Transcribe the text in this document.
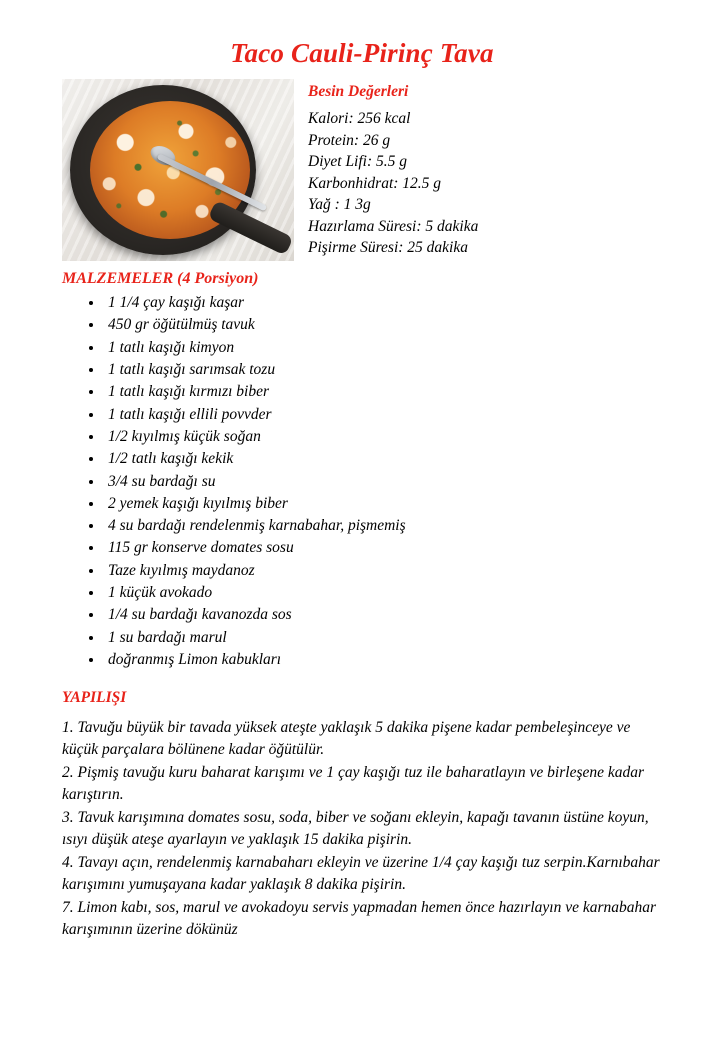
Taco Cauli-Pirinç Tava
Besin Değerleri
Kalori: 256 kcal
Protein: 26 g
Diyet Lifi: 5.5 g
Karbonhidrat: 12.5 g
Yağ : 1 3g
Hazırlama Süresi: 5 dakika
Pişirme Süresi: 25 dakika
MALZEMELER (4 Porsiyon)
• 1 1/4 çay kaşığı kaşar
• 450 gr öğütülmüş tavuk
• 1 tatlı kaşığı kimyon
• 1 tatlı kaşığı sarımsak tozu
• 1 tatlı kaşığı kırmızı biber
• 1 tatlı kaşığı ellili povvder
• 1/2 kıyılmış küçük soğan
• 1/2 tatlı kaşığı kekik
• 3/4 su bardağı su
• 2 yemek kaşığı kıyılmış biber
• 4 su bardağı rendelenmiş karnabahar, pişmemiş
• 115 gr konserve domates sosu
• Taze kıyılmış maydanoz
• 1 küçük avokado
• 1/4 su bardağı kavanozda sos
• 1 su bardağı marul
• doğranmış Limon kabukları
YAPILIŞI

1. Tavuğu büyük bir tavada yüksek ateşte yaklaşık 5 dakika pişene kadar pembeleşinceye ve küçük parçalara bölünene kadar öğütülür.

2. Pişmiş tavuğu kuru baharat karışımı ve 1 çay kaşığı tuz ile baharatlayın ve birleşene kadar karıştırın.

3. Tavuk karışımına domates sosu, soda, biber ve soğanı ekleyin, kapağı tavanın üstüne koyun, ısıyı düşük ateşe ayarlayın ve yaklaşık 15 dakika pişirin.

4. Tavayı açın, rendelenmiş karnabaharı ekleyin ve üzerine 1/4 çay kaşığı tuz serpin.Karnıbahar karışımını yumuşayana kadar yaklaşık 8 dakika pişirin.

7. Limon kabı, sos, marul ve avokadoyu servis yapmadan hemen önce hazırlayın ve karnabahar karışımının üzerine dökünüz
